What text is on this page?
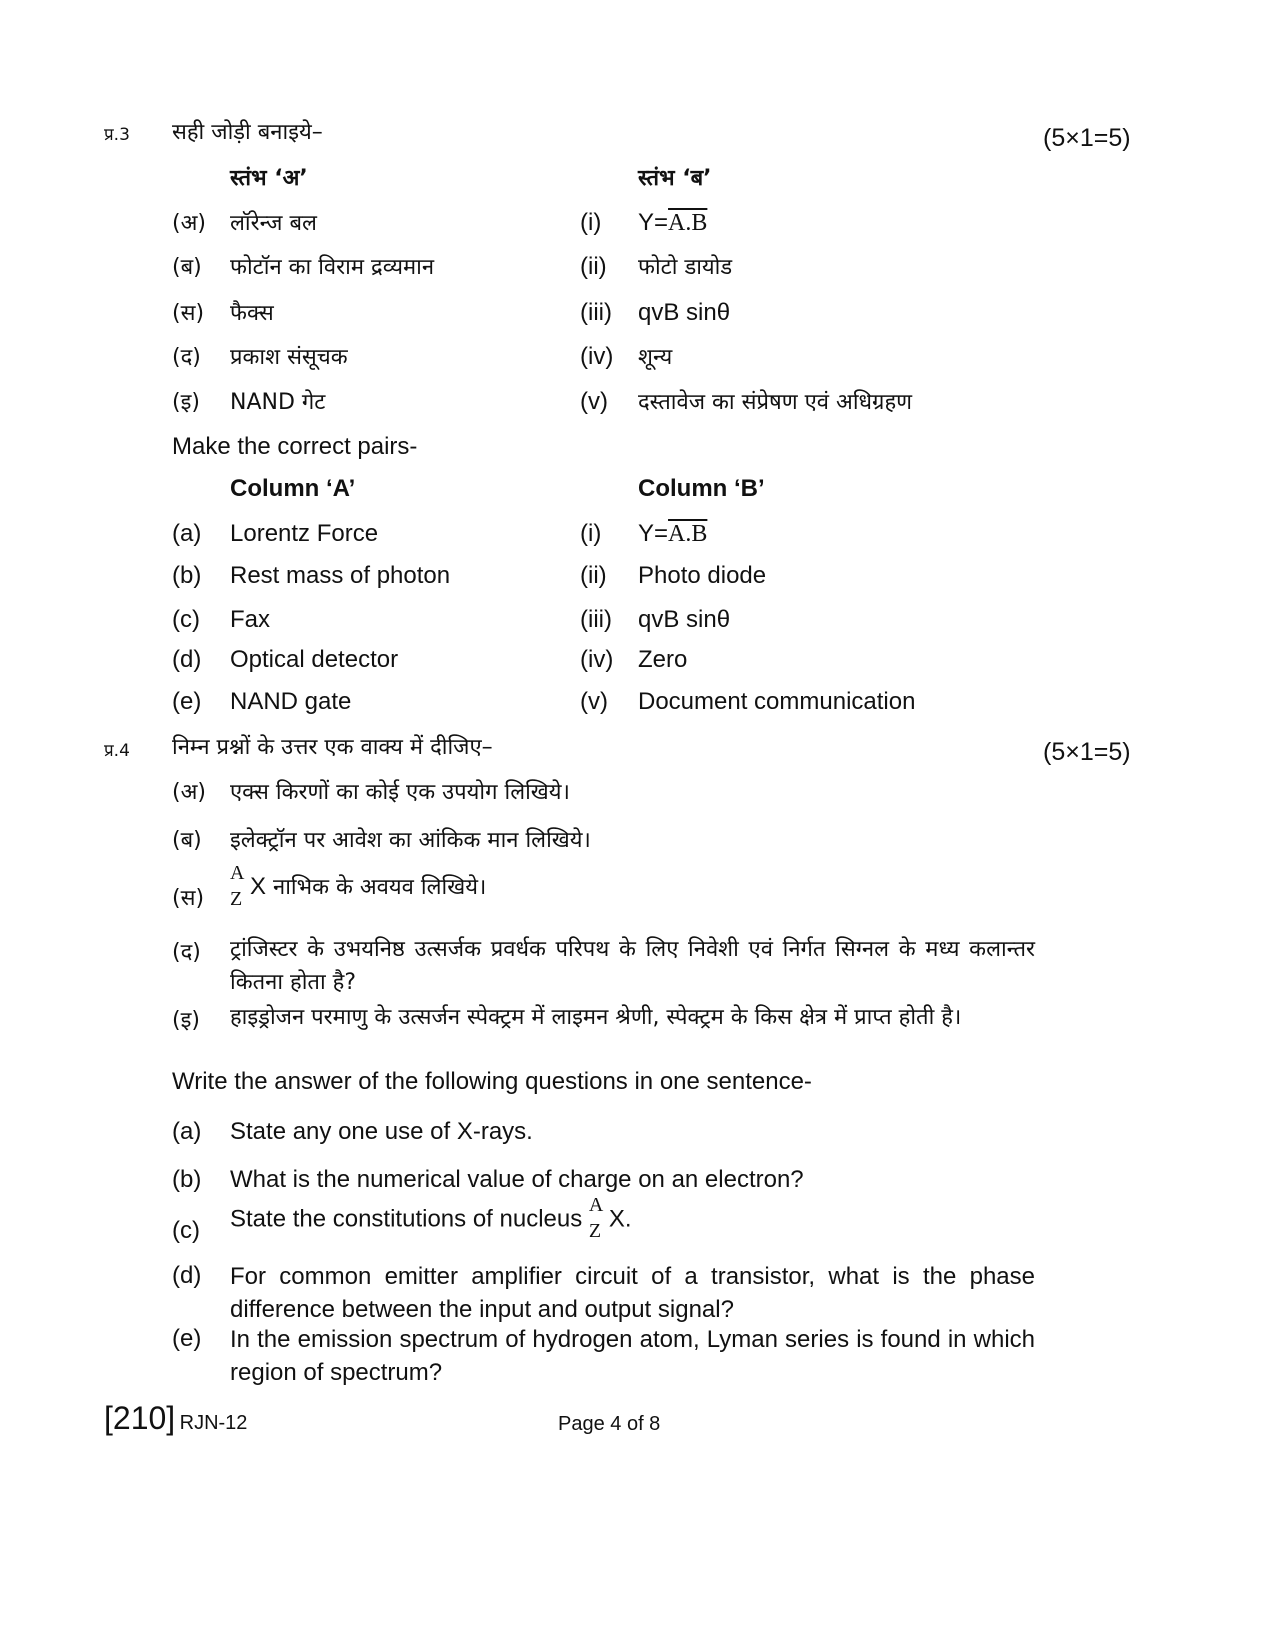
प्र.3 सही जोड़ी बनाइये–	(5×1=5)
स्तंभ ‘अ’	स्तंभ ‘ब’
(अ) लॉरेन्ज बल	(i) Y=A.B
(ब) फोटॉन का विराम द्रव्यमान	(ii) फोटो डायोड
(स) फैक्स	(iii) qvB sinθ
(द) प्रकाश संसूचक	(iv) शून्य
(इ) NAND गेट	(v) दस्तावेज का संप्रेषण एवं अधिग्रहण
Make the correct pairs-
Column ‘A’	Column ‘B’
(a) Lorentz Force	(i) Y=A.B
(b) Rest mass of photon	(ii) Photo diode
(c) Fax	(iii) qvB sinθ
(d) Optical detector	(iv) Zero
(e) NAND gate	(v) Document communication
प्र.4 निम्न प्रश्नों के उत्तर एक वाक्य में दीजिए–	(5×1=5)
(अ) एक्स किरणों का कोई एक उपयोग लिखिये।
(ब) इलेक्ट्रॉन पर आवेश का आंकिक मान लिखिये।
(स)
A
Z X नाभिक के अवयव लिखिये।
(द) ट्रांजिस्टर के उभयनिष्ठ उत्सर्जक प्रवर्धक परिपथ के लिए निवेशी एवं निर्गत सिग्नल के मध्य कलान्तर कितना होता है?
(इ) हाइड्रोजन परमाणु के उत्सर्जन स्पेक्ट्रम में लाइमन श्रेणी, स्पेक्ट्रम के किस क्षेत्र में प्राप्त होती है।
Write the answer of the following questions in one sentence-
(a) State any one use of X-rays.
(b) What is the numerical value of charge on an electron?
(c) State the constitutions of nucleus
A
Z X.
(d) For common emitter amplifier circuit of a transistor, what is the phase difference between the input and output signal?
(e) In the emission spectrum of hydrogen atom, Lyman series is found in which region of spectrum?
[210] RJN-12	Page 4 of 8
